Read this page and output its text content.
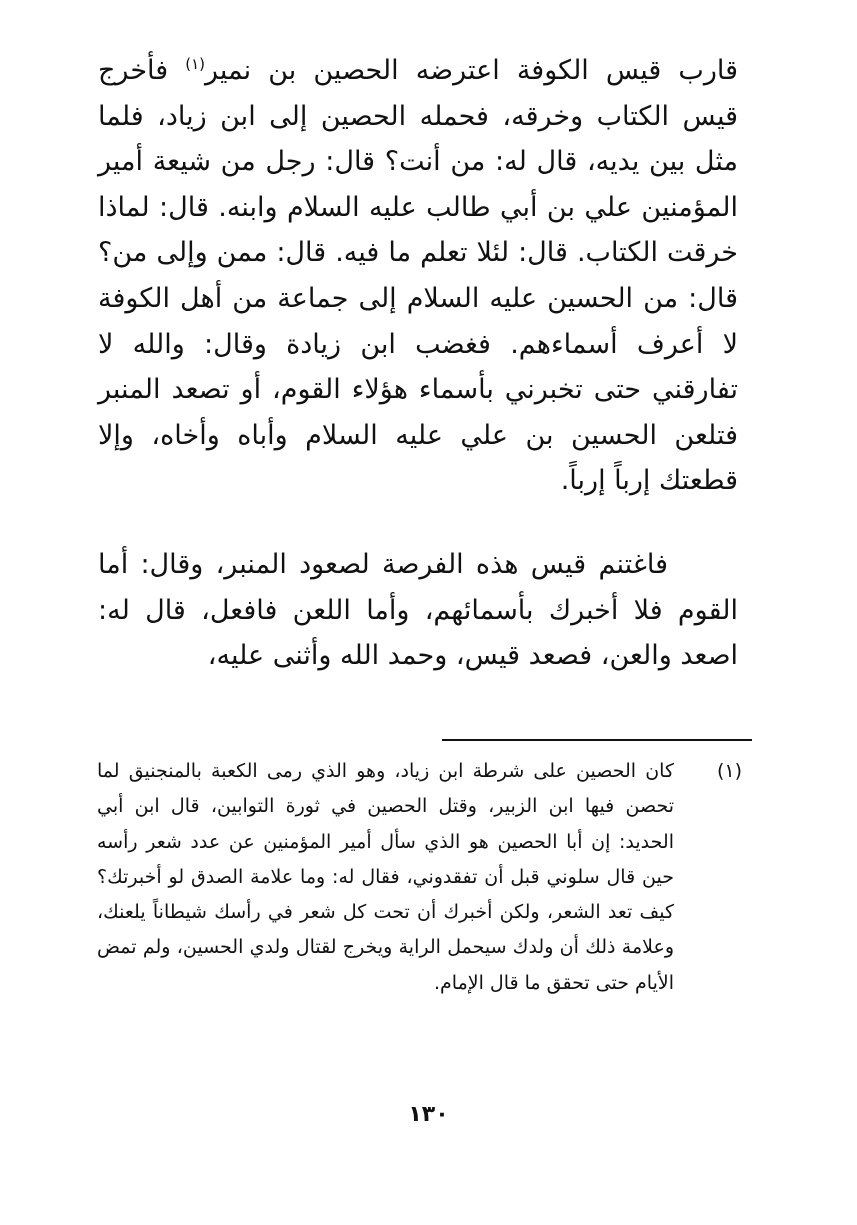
قارب قيس الكوفة اعترضه الحصين بن نمير$^{(١)}$ فأخرج قيس الكتاب وخرقه، فحمله الحصين إلى ابن زياد، فلما مثل بين يديه، قال له: من أنت؟ قال: رجل من شيعة أمير المؤمنين علي بن أبي طالب عليه السلام وابنه. قال: لماذا خرقت الكتاب. قال: لئلا تعلم ما فيه. قال: ممن وإلى من؟ قال: من الحسين عليه السلام إلى جماعة من أهل الكوفة لا أعرف أسماءهم. فغضب ابن زيادة وقال: والله لا تفارقني حتى تخبرني بأسماء هؤلاء القوم، أو تصعد المنبر فتلعن الحسين بن علي عليه السلام وأباه وأخاه، وإلا قطعتك إرباً إرباً.

فاغتنم قيس هذه الفرصة لصعود المنبر، وقال: أما القوم فلا أخبرك بأسمائهم، وأما اللعن فافعل، قال له: اصعد والعن، فصعد قيس، وحمد الله وأثنى عليه،

(١)
كان الحصين على شرطة ابن زياد، وهو الذي رمى الكعبة بالمنجنيق لما تحصن فيها ابن الزبير، وقتل الحصين في ثورة التوابين، قال ابن أبي الحديد: إن أبا الحصين هو الذي سأل أمير المؤمنين عن عدد شعر رأسه حين قال سلوني قبل أن تفقدوني، فقال له: وما علامة الصدق لو أخبرتك؟ كيف تعد الشعر، ولكن أخبرك أن تحت كل شعر في رأسك شيطاناً يلعنك، وعلامة ذلك أن ولدك سيحمل الراية ويخرج لقتال ولدي الحسين، ولم تمض الأيام حتى تحقق ما قال الإمام.
١٣٠
